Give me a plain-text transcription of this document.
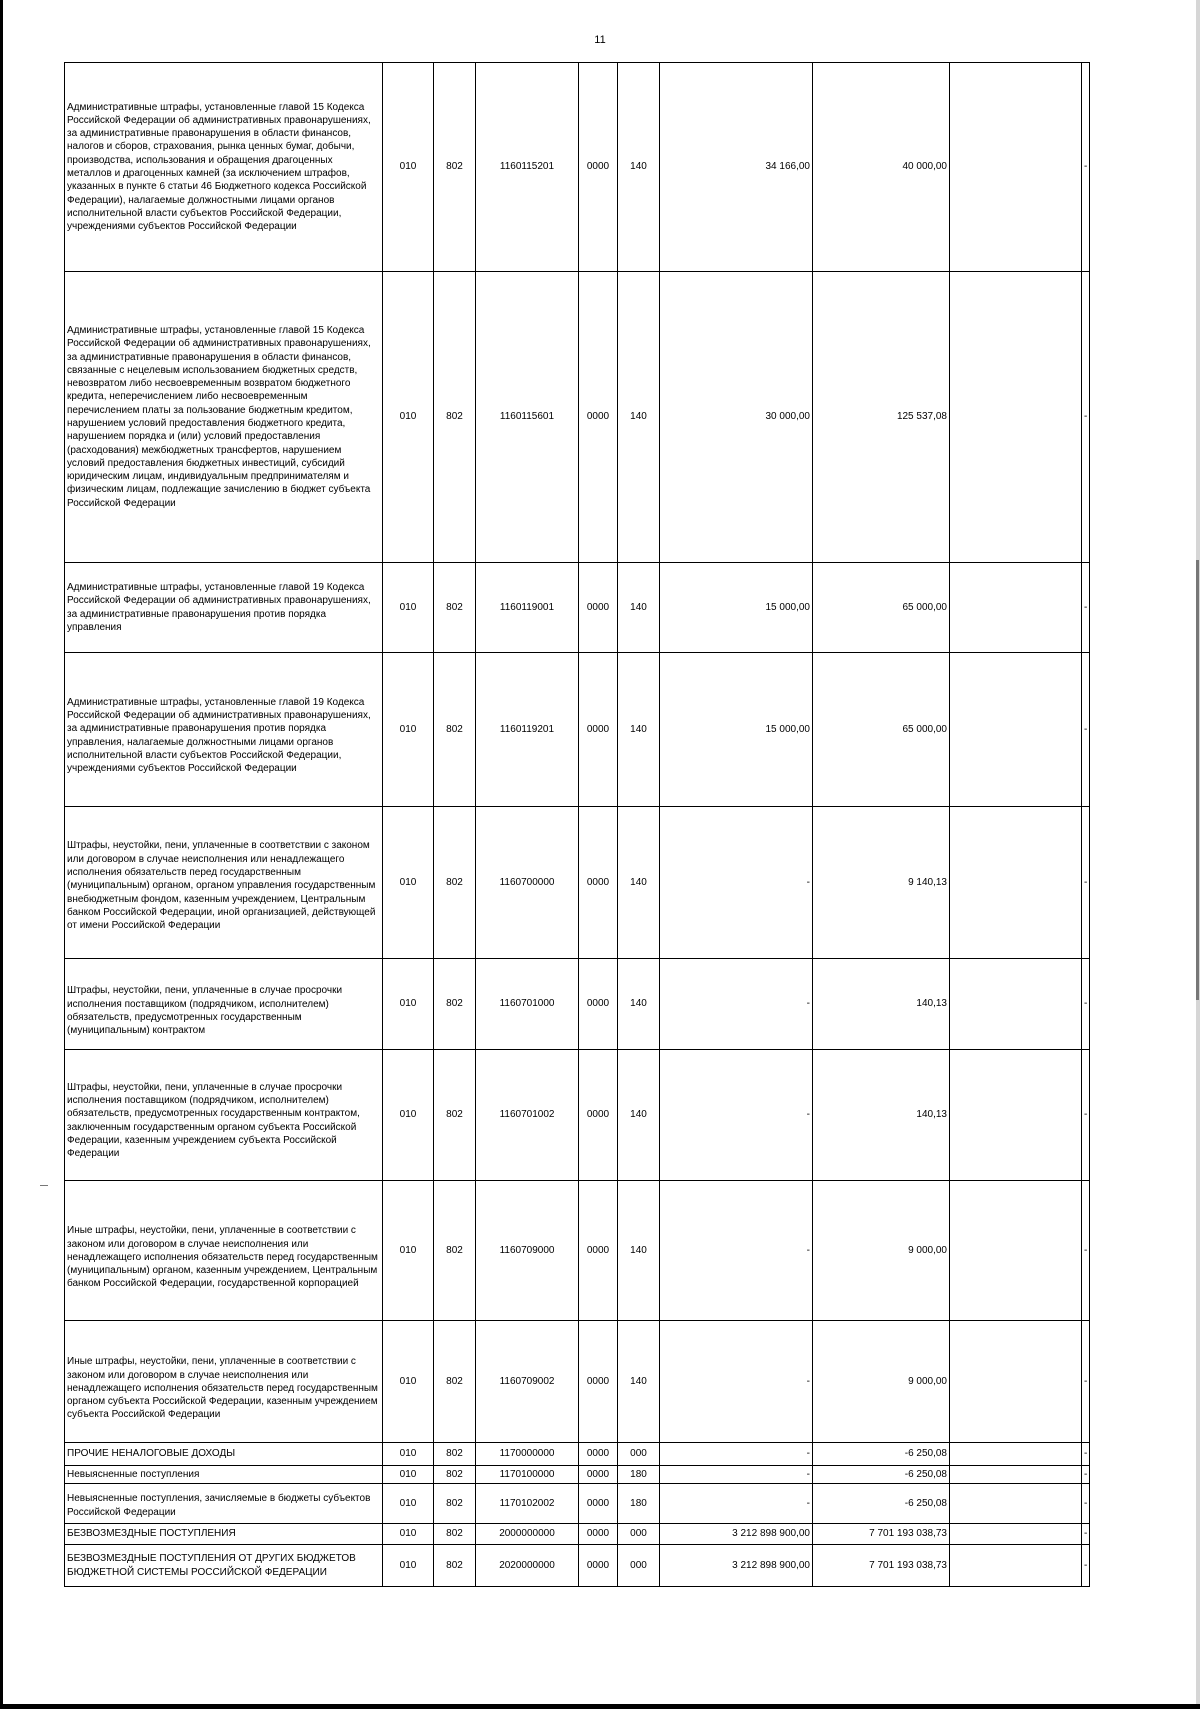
11
Административные штрафы, установленные главой 15 Кодекса Российской Федерации об административных правонарушениях, за административные правонарушения в области финансов, налогов и сборов, страхования, рынка ценных бумаг, добычи, производства, использования и обращения драгоценных металлов и драгоценных камней (за исключением штрафов, указанных в пункте 6 статьи 46 Бюджетного кодекса Российской Федерации), налагаемые должностными лицами органов исполнительной власти субъектов Российской Федерации, учреждениями субъектов Российской Федерации	010	802	1160115201	0000	140	34 166,00	40 000,00		-
Административные штрафы, установленные главой 15 Кодекса Российской Федерации об административных правонарушениях, за административные правонарушения в области финансов, связанные с нецелевым использованием бюджетных средств, невозвратом либо несвоевременным возвратом бюджетного кредита, неперечислением либо несвоевременным перечислением платы за пользование бюджетным кредитом, нарушением условий предоставления бюджетного кредита, нарушением порядка и (или) условий предоставления (расходования) межбюджетных трансфертов, нарушением условий предоставления бюджетных инвестиций, субсидий юридическим лицам, индивидуальным предпринимателям и физическим лицам, подлежащие зачислению в бюджет субъекта Российской Федерации	010	802	1160115601	0000	140	30 000,00	125 537,08		-
Административные штрафы, установленные главой 19 Кодекса Российской Федерации об административных правонарушениях, за административные правонарушения против порядка управления	010	802	1160119001	0000	140	15 000,00	65 000,00		-
Административные штрафы, установленные главой 19 Кодекса Российской Федерации об административных правонарушениях, за административные правонарушения против порядка управления, налагаемые должностными лицами органов исполнительной власти субъектов Российской Федерации, учреждениями субъектов Российской Федерации	010	802	1160119201	0000	140	15 000,00	65 000,00		-
Штрафы, неустойки, пени, уплаченные в соответствии с законом или договором в случае неисполнения или ненадлежащего исполнения обязательств перед государственным (муниципальным) органом, органом управления государственным внебюджетным фондом, казенным учреждением, Центральным банком Российской Федерации, иной организацией, действующей от имени Российской Федерации	010	802	1160700000	0000	140	-	9 140,13		-
Штрафы, неустойки, пени, уплаченные в случае просрочки исполнения поставщиком (подрядчиком, исполнителем) обязательств, предусмотренных государственным (муниципальным) контрактом	010	802	1160701000	0000	140	-	140,13		-
Штрафы, неустойки, пени, уплаченные в случае просрочки исполнения поставщиком (подрядчиком, исполнителем) обязательств, предусмотренных государственным контрактом, заключенным государственным органом субъекта Российской Федерации, казенным учреждением субъекта Российской Федерации	010	802	1160701002	0000	140	-	140,13		-
Иные штрафы, неустойки, пени, уплаченные в соответствии с законом или договором в случае неисполнения или ненадлежащего исполнения обязательств перед государственным (муниципальным) органом, казенным учреждением, Центральным банком Российской Федерации, государственной корпорацией	010	802	1160709000	0000	140	-	9 000,00		-
Иные штрафы, неустойки, пени, уплаченные в соответствии с законом или договором в случае неисполнения или ненадлежащего исполнения обязательств перед государственным органом субъекта Российской Федерации, казенным учреждением субъекта Российской Федерации	010	802	1160709002	0000	140	-	9 000,00		-
ПРОЧИЕ НЕНАЛОГОВЫЕ ДОХОДЫ	010	802	1170000000	0000	000	-	-6 250,08		-
Невыясненные поступления	010	802	1170100000	0000	180	-	-6 250,08		-
Невыясненные поступления, зачисляемые в бюджеты субъектов Российской Федерации	010	802	1170102002	0000	180	-	-6 250,08		-
БЕЗВОЗМЕЗДНЫЕ ПОСТУПЛЕНИЯ	010	802	2000000000	0000	000	3 212 898 900,00	7 701 193 038,73		-
БЕЗВОЗМЕЗДНЫЕ ПОСТУПЛЕНИЯ ОТ ДРУГИХ БЮДЖЕТОВ БЮДЖЕТНОЙ СИСТЕМЫ РОССИЙСКОЙ ФЕДЕРАЦИИ	010	802	2020000000	0000	000	3 212 898 900,00	7 701 193 038,73		-
